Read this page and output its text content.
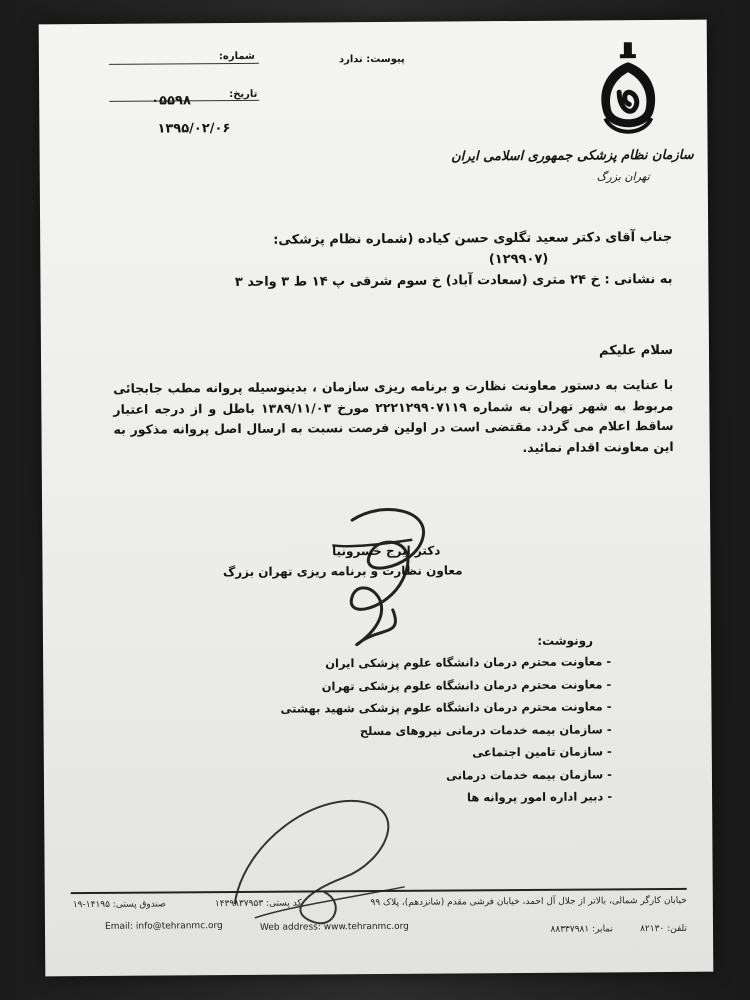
شماره:	پیوست: ندارد
تاریخ:
۰۵۵۹۸
۱۳۹۵/۰۲/۰۶
سازمان نظام پزشکی جمهوری اسلامی ایران
تهران بزرگ
جناب آقای دکتر سعید تگلوی حسن کیاده (شماره نظام پزشکی:
(۱۲۹۹۰۷)
به نشانی : خ ۲۴ متری (سعادت آباد) خ سوم شرقی پ ۱۴ ط ۳ واحد ۳
سلام علیکم
با عنایت به دستور معاونت نظارت و برنامه ریزی سازمان ، بدینوسیله پروانه مطب جابجائی مربوط به شهر تهران به شماره ۲۲۲۱۲۹۹۰۷۱۱۹ مورخ ۱۳۸۹/۱۱/۰۳ باطل و از درجه اعتبار ساقط اعلام می گردد. مقتضی است در اولین فرصت نسبت به ارسال اصل پروانه مذکور به این معاونت اقدام نمائید.
دکتر ایرج خسرونیا
معاون نظارت و برنامه ریزی تهران بزرگ
رونوشت:
- معاونت محترم درمان دانشگاه علوم پزشکی ایران
- معاونت محترم درمان دانشگاه علوم پزشکی تهران
- معاونت محترم درمان دانشگاه علوم پزشکی شهید بهشتی
- سازمان بیمه خدمات درمانی نیروهای مسلح
- سازمان تامین اجتماعی
- سازمان بیمه خدمات درمانی
- دبیر اداره امور پروانه ها
خیابان کارگر شمالی، بالاتر از جلال آل احمد، خیابان فرشی مقدم (شانزدهم)، پلاک ۹۹
کد پستی: ۱۴۳۹۸۳۷۹۵۳
صندوق پستی: ۱۴۱۹۵-۱۹
Email: info@tehranmc.org	Web address: www.tehranmc.org	تلفن: ۸۲۱۳۰
نمابر: ۸۸۳۳۷۹۸۱
